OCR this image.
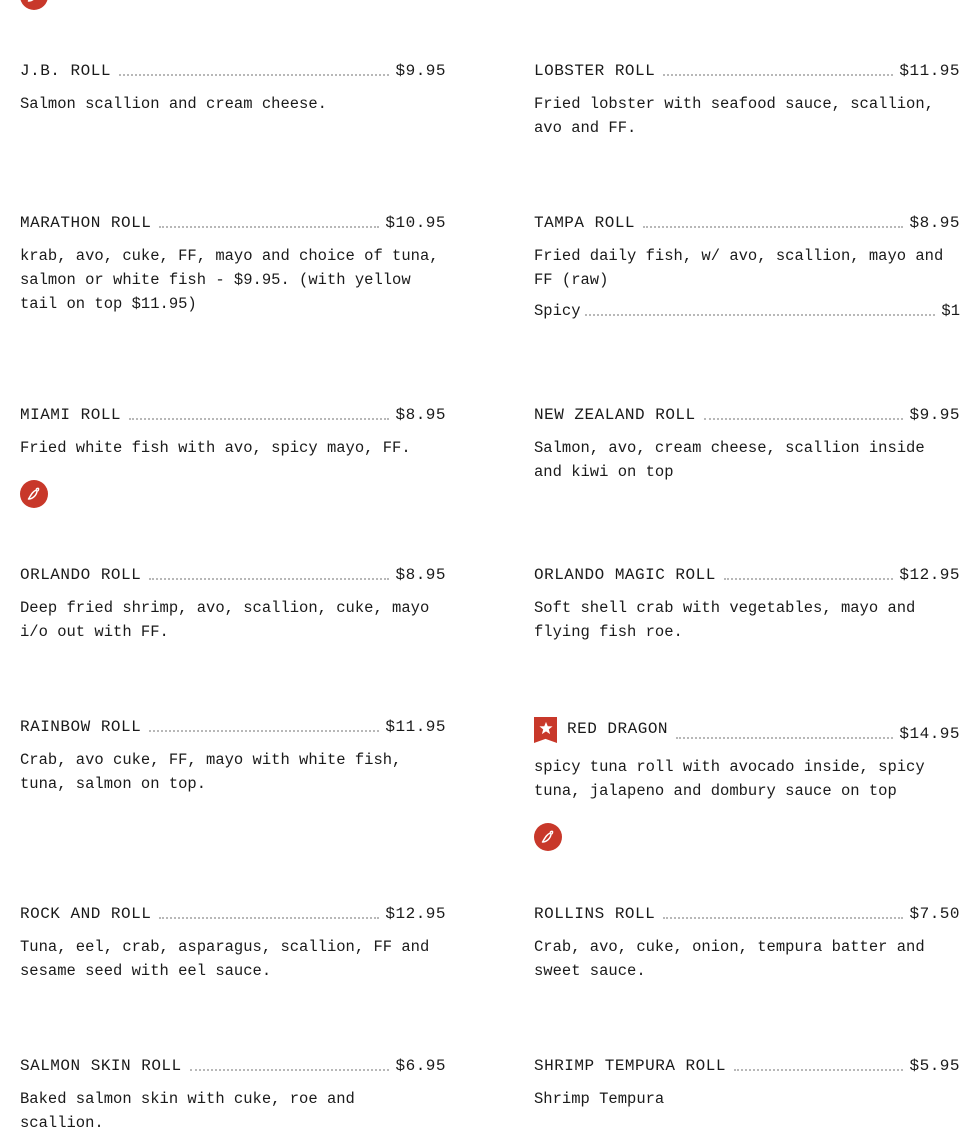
J.B. ROLL	$9.95
Salmon scallion and cream cheese.
LOBSTER ROLL	$11.95
Fried lobster with seafood sauce, scallion, avo and FF.
MARATHON ROLL	$10.95
krab, avo, cuke, FF, mayo and choice of tuna, salmon or white fish - $9.95. (with yellow tail on top $11.95)
TAMPA ROLL	$8.95
Fried daily fish, w/ avo, scallion, mayo and FF (raw)
Spicy	$1
MIAMI ROLL	$8.95
Fried white fish with avo, spicy mayo, FF.
NEW ZEALAND ROLL	$9.95
Salmon, avo, cream cheese, scallion inside and kiwi on top
ORLANDO ROLL	$8.95
Deep fried shrimp, avo, scallion, cuke, mayo i/o out with FF.
ORLANDO MAGIC ROLL	$12.95
Soft shell crab with vegetables, mayo and flying fish roe.
RAINBOW ROLL	$11.95
Crab, avo cuke, FF, mayo with white fish, tuna, salmon on top.
RED DRAGON	$14.95
spicy tuna roll with avocado inside, spicy tuna, jalapeno and dombury sauce on top
ROCK AND ROLL	$12.95
Tuna, eel, crab, asparagus, scallion, FF and sesame seed with eel sauce.
ROLLINS ROLL	$7.50
Crab, avo, cuke, onion, tempura batter and sweet sauce.
SALMON SKIN ROLL	$6.95
Baked salmon skin with cuke, roe and scallion.
SHRIMP TEMPURA ROLL	$5.95
Shrimp Tempura
